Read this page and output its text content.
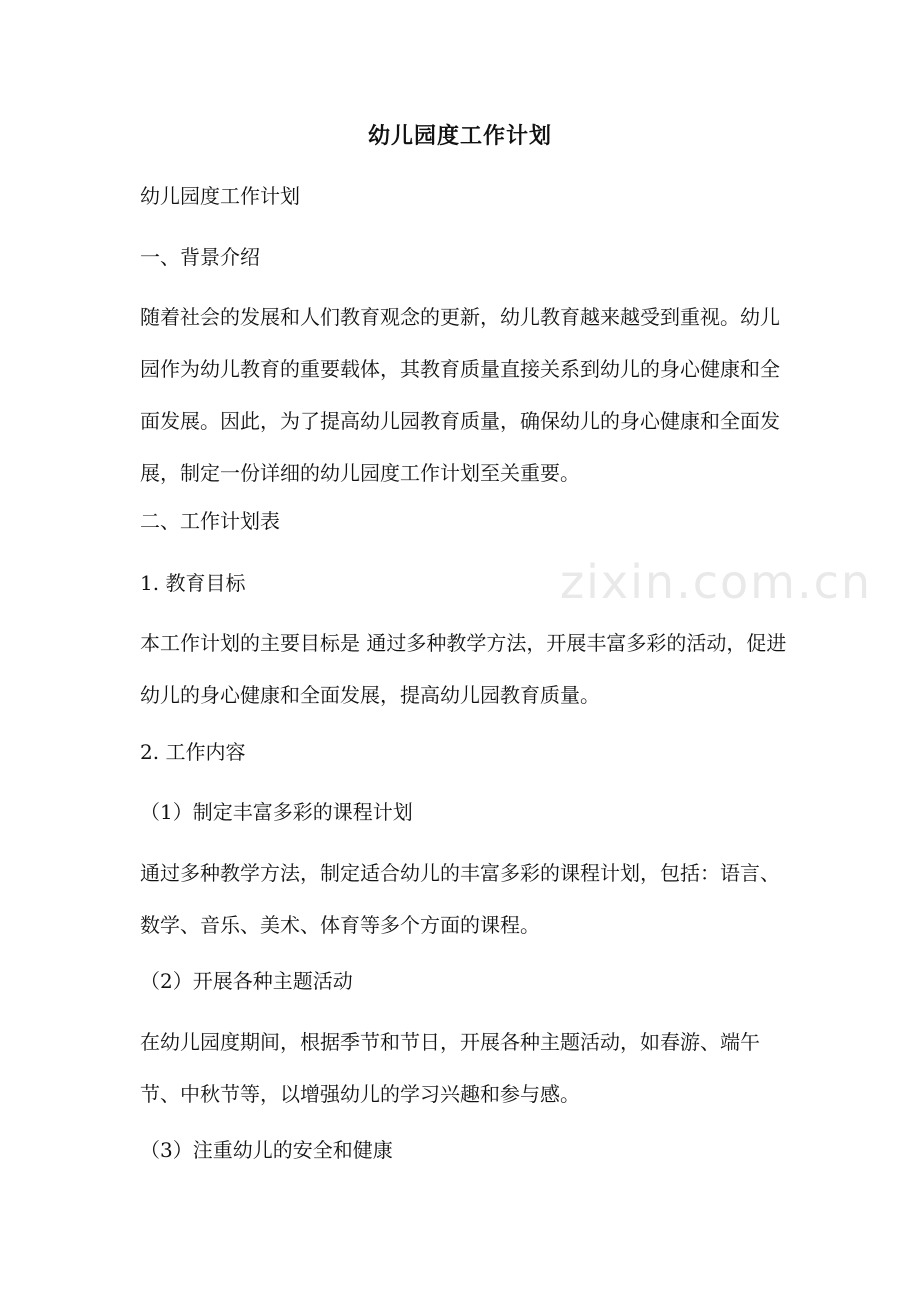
zixin.com.cn
幼儿园度工作计划

幼儿园度工作计划

一、背景介绍

随着社会的发展和人们教育观念的更新，幼儿教育越来越受到重视。幼儿园作为幼儿教育的重要载体，其教育质量直接关系到幼儿的身心健康和全面发展。因此，为了提高幼儿园教育质量，确保幼儿的身心健康和全面发展，制定一份详细的幼儿园度工作计划至关重要。

二、工作计划表

1. 教育目标

本工作计划的主要目标是 通过多种教学方法，开展丰富多彩的活动，促进幼儿的身心健康和全面发展，提高幼儿园教育质量。

2. 工作内容

（1）制定丰富多彩的课程计划

通过多种教学方法，制定适合幼儿的丰富多彩的课程计划，包括：语言、数学、音乐、美术、体育等多个方面的课程。

（2）开展各种主题活动

在幼儿园度期间，根据季节和节日，开展各种主题活动，如春游、端午节、中秋节等，以增强幼儿的学习兴趣和参与感。

（3）注重幼儿的安全和健康
